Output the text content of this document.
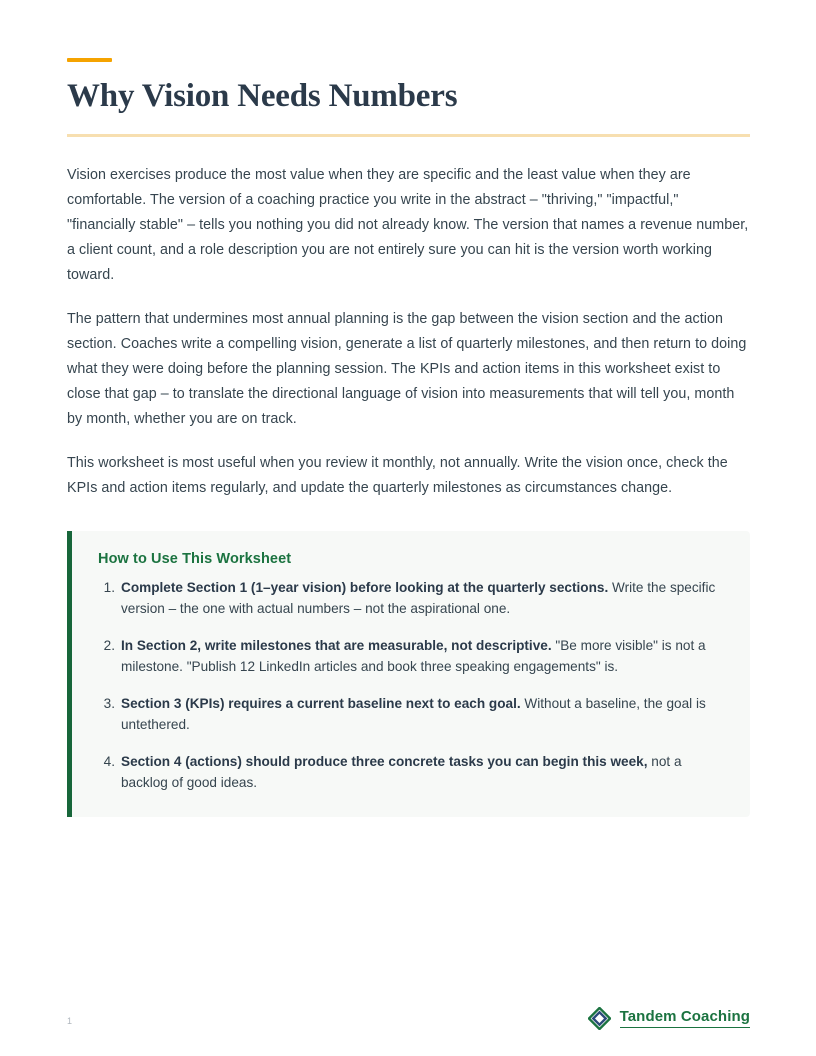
Why Vision Needs Numbers

Vision exercises produce the most value when they are specific and the least value when they are comfortable. The version of a coaching practice you write in the abstract – "thriving," "impactful," "financially stable" – tells you nothing you did not already know. The version that names a revenue number, a client count, and a role description you are not entirely sure you can hit is the version worth working toward.

The pattern that undermines most annual planning is the gap between the vision section and the action section. Coaches write a compelling vision, generate a list of quarterly milestones, and then return to doing what they were doing before the planning session. The KPIs and action items in this worksheet exist to close that gap – to translate the directional language of vision into measurements that will tell you, month by month, whether you are on track.

This worksheet is most useful when you review it monthly, not annually. Write the vision once, check the KPIs and action items regularly, and update the quarterly milestones as circumstances change.

How to Use This Worksheet
1. Complete Section 1 (1–year vision) before looking at the quarterly sections. Write the specific version – the one with actual numbers – not the aspirational one.
2. In Section 2, write milestones that are measurable, not descriptive. "Be more visible" is not a milestone. "Publish 12 LinkedIn articles and book three speaking engagements" is.
3. Section 3 (KPIs) requires a current baseline next to each goal. Without a baseline, the goal is untethered.
4. Section 4 (actions) should produce three concrete tasks you can begin this week, not a backlog of good ideas.
1	Tandem Coaching
